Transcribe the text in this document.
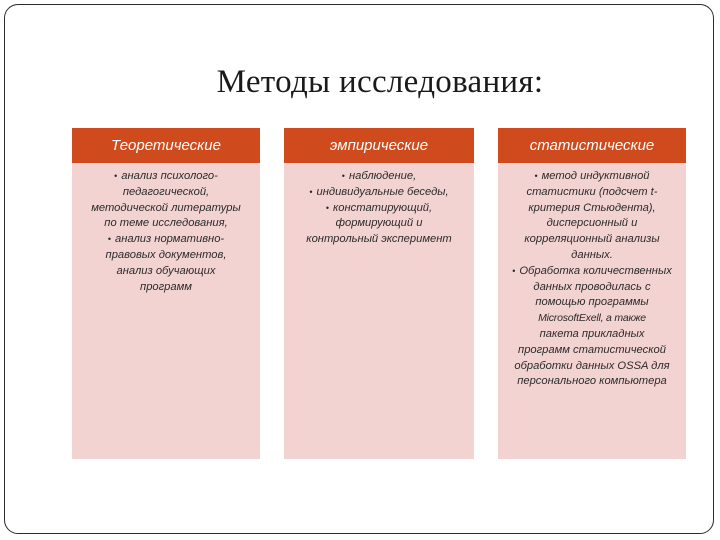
Методы исследования:
Теоретические
• анализ психолого-
педагогической,
методической литературы
по теме исследования,
• анализ нормативно-
правовых документов,
анализ обучающих
программ
эмпирические
• наблюдение,
• индивидуальные беседы,
• констатирующий,
формирующий и
контрольный эксперимент
статистические
• метод индуктивной
статистики (подсчет t-
критерия Стьюдента),
дисперсионный и
корреляционный анализы
данных.
• Обработка количественных
данных проводилась с
помощью программы
MicrosoftExell, а также
пакета прикладных
программ статистической
обработки данных OSSA для
персонального компьютера
